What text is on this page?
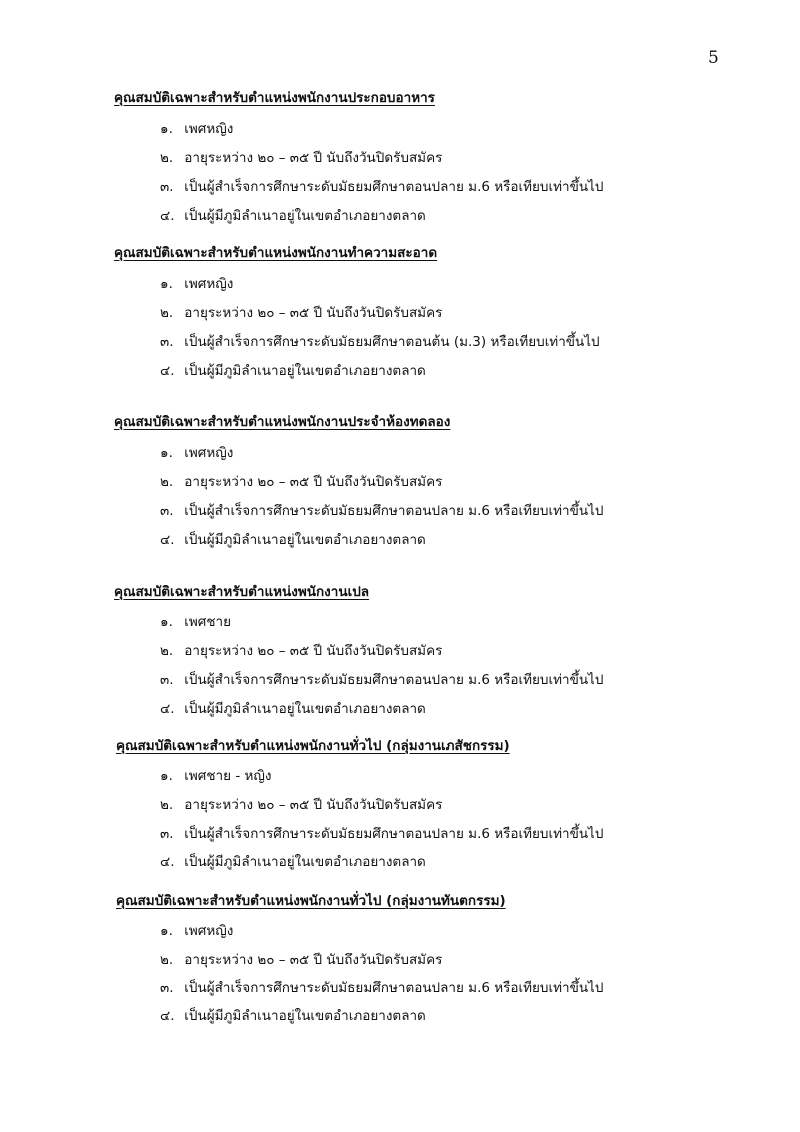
5
คุณสมบัติเฉพาะสำหรับตำแหน่งพนักงานประกอบอาหาร
๑. เพศหญิง
๒. อายุระหว่าง ๒๐ – ๓๕ ปี นับถึงวันปิดรับสมัคร
๓. เป็นผู้สำเร็จการศึกษาระดับมัธยมศึกษาตอนปลาย ม.6 หรือเทียบเท่าขึ้นไป
๔. เป็นผู้มีภูมิลำเนาอยู่ในเขตอำเภอยางตลาด
คุณสมบัติเฉพาะสำหรับตำแหน่งพนักงานทำความสะอาด
๑. เพศหญิง
๒. อายุระหว่าง ๒๐ – ๓๕ ปี นับถึงวันปิดรับสมัคร
๓. เป็นผู้สำเร็จการศึกษาระดับมัธยมศึกษาตอนต้น (ม.3) หรือเทียบเท่าขึ้นไป
๔. เป็นผู้มีภูมิลำเนาอยู่ในเขตอำเภอยางตลาด
คุณสมบัติเฉพาะสำหรับตำแหน่งพนักงานประจำห้องทดลอง
๑. เพศหญิง
๒. อายุระหว่าง ๒๐ – ๓๕ ปี นับถึงวันปิดรับสมัคร
๓. เป็นผู้สำเร็จการศึกษาระดับมัธยมศึกษาตอนปลาย ม.6 หรือเทียบเท่าขึ้นไป
๔. เป็นผู้มีภูมิลำเนาอยู่ในเขตอำเภอยางตลาด
คุณสมบัติเฉพาะสำหรับตำแหน่งพนักงานเปล
๑. เพศชาย
๒. อายุระหว่าง ๒๐ – ๓๕ ปี นับถึงวันปิดรับสมัคร
๓. เป็นผู้สำเร็จการศึกษาระดับมัธยมศึกษาตอนปลาย ม.6 หรือเทียบเท่าขึ้นไป
๔. เป็นผู้มีภูมิลำเนาอยู่ในเขตอำเภอยางตลาด
คุณสมบัติเฉพาะสำหรับตำแหน่งพนักงานทั่วไป (กลุ่มงานเภสัชกรรม)
๑. เพศชาย - หญิง
๒. อายุระหว่าง ๒๐ – ๓๕ ปี นับถึงวันปิดรับสมัคร
๓. เป็นผู้สำเร็จการศึกษาระดับมัธยมศึกษาตอนปลาย ม.6 หรือเทียบเท่าขึ้นไป
๔. เป็นผู้มีภูมิลำเนาอยู่ในเขตอำเภอยางตลาด
คุณสมบัติเฉพาะสำหรับตำแหน่งพนักงานทั่วไป (กลุ่มงานทันตกรรม)
๑. เพศหญิง
๒. อายุระหว่าง ๒๐ – ๓๕ ปี นับถึงวันปิดรับสมัคร
๓. เป็นผู้สำเร็จการศึกษาระดับมัธยมศึกษาตอนปลาย ม.6 หรือเทียบเท่าขึ้นไป
๔. เป็นผู้มีภูมิลำเนาอยู่ในเขตอำเภอยางตลาด
